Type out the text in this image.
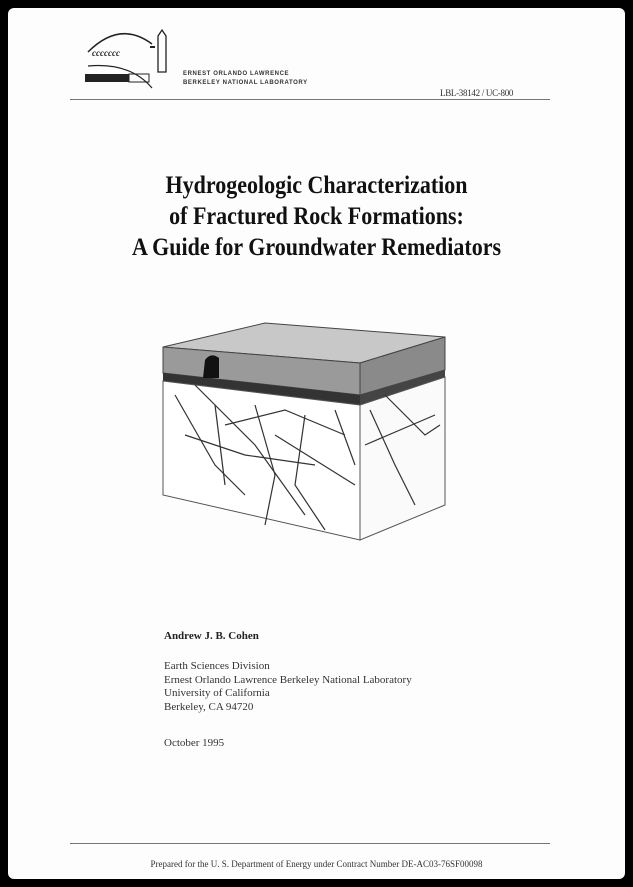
ccccccc
ERNEST ORLANDO LAWRENCE
BERKELEY NATIONAL LABORATORY
LBL-38142 / UC-800
Hydrogeologic Characterization
of Fractured Rock Formations:
A Guide for Groundwater Remediators
Andrew J. B. Cohen
Earth Sciences Division
Ernest Orlando Lawrence Berkeley National Laboratory
University of California
Berkeley, CA 94720
October 1995
Prepared for the U. S. Department of Energy under Contract Number DE-AC03-76SF00098
